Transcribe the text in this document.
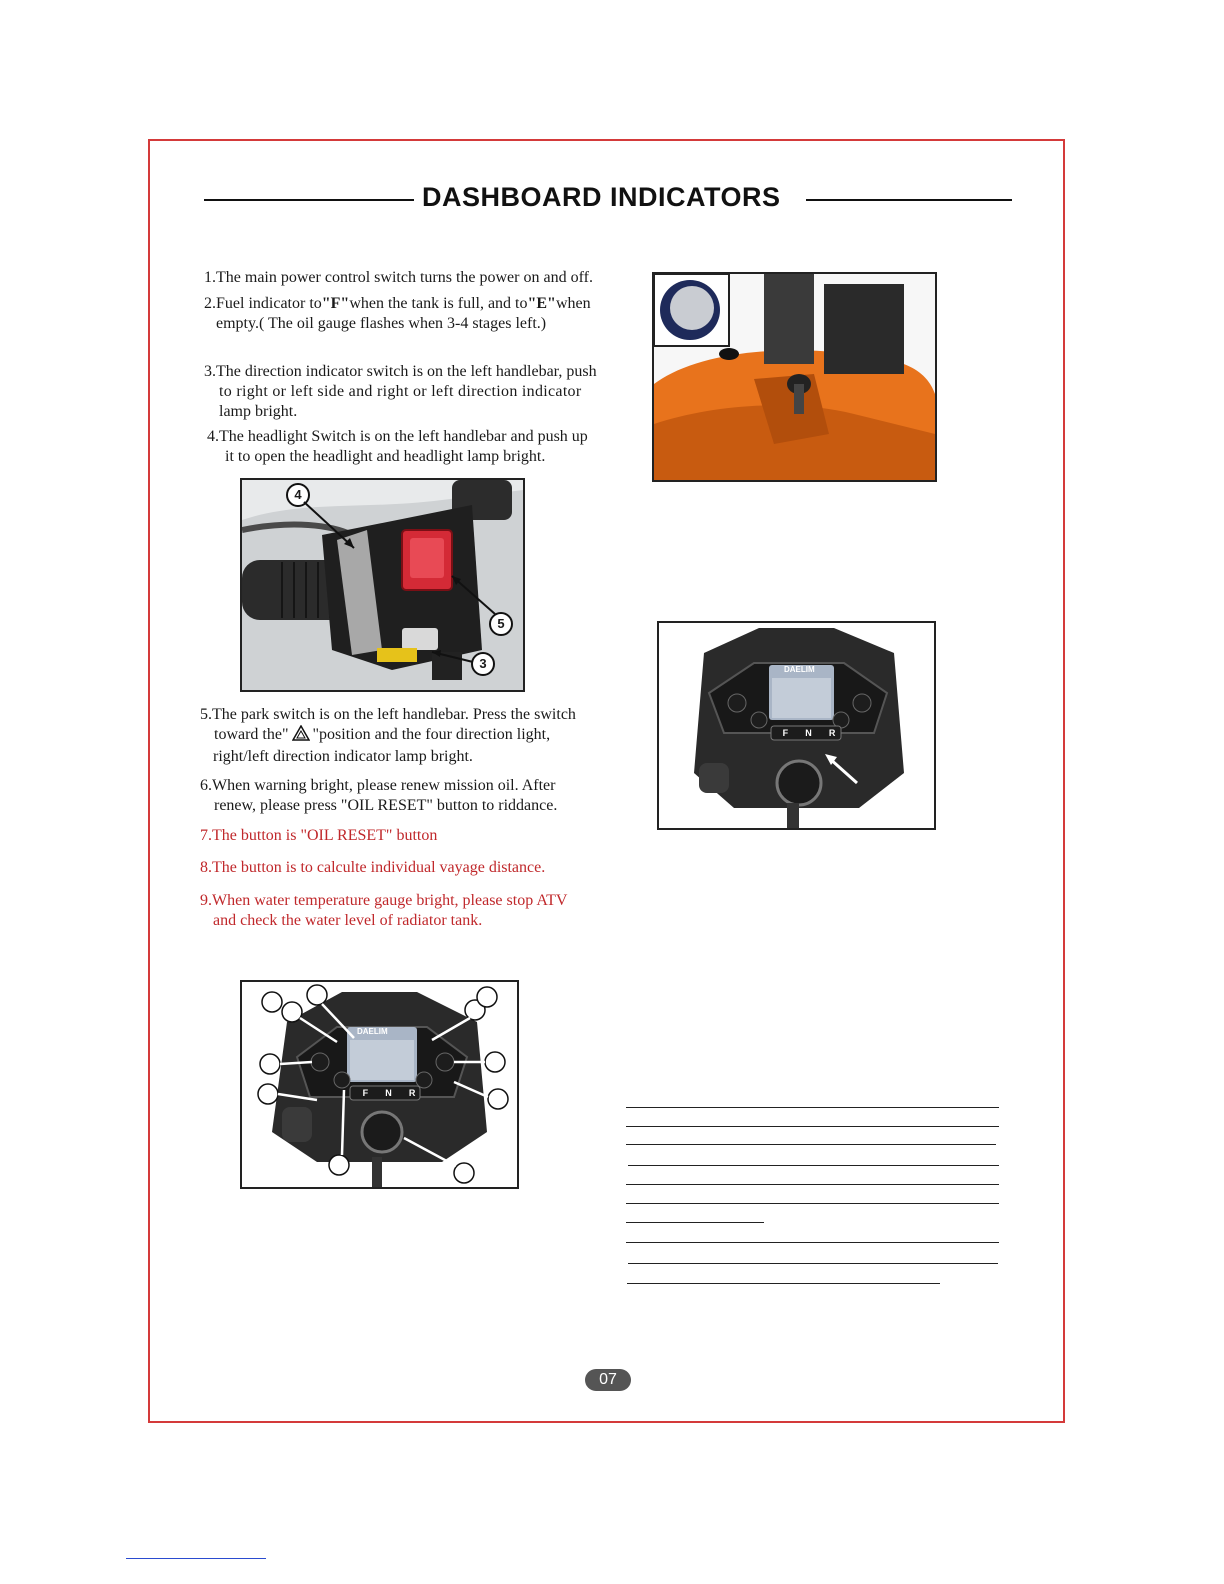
DASHBOARD INDICATORS
1.The main power control switch turns the power on and off.
2.Fuel indicator to"F"when the tank is full, and to"E"when
empty.( The oil gauge flashes when 3-4 stages left.)
3.The direction indicator switch is on the left handlebar, push
to right or left side and right or left direction indicator
lamp bright.
4.The headlight Switch is on the left handlebar and push up
it to open the headlight and headlight lamp bright.
4
5
3
5.The park switch is on the left handlebar. Press the switch
toward the" "position and the four direction light,
right/left direction indicator lamp bright.
6.When warning bright, please renew mission oil. After
renew, please press "OIL RESET" button to riddance.
7.The button is "OIL RESET" button
8.The button is to calculte individual vayage distance.
9.When water temperature gauge bright, please stop ATV
and check the water level of radiator tank.
DAELIM
F N R
DAELIM
F N R
07
